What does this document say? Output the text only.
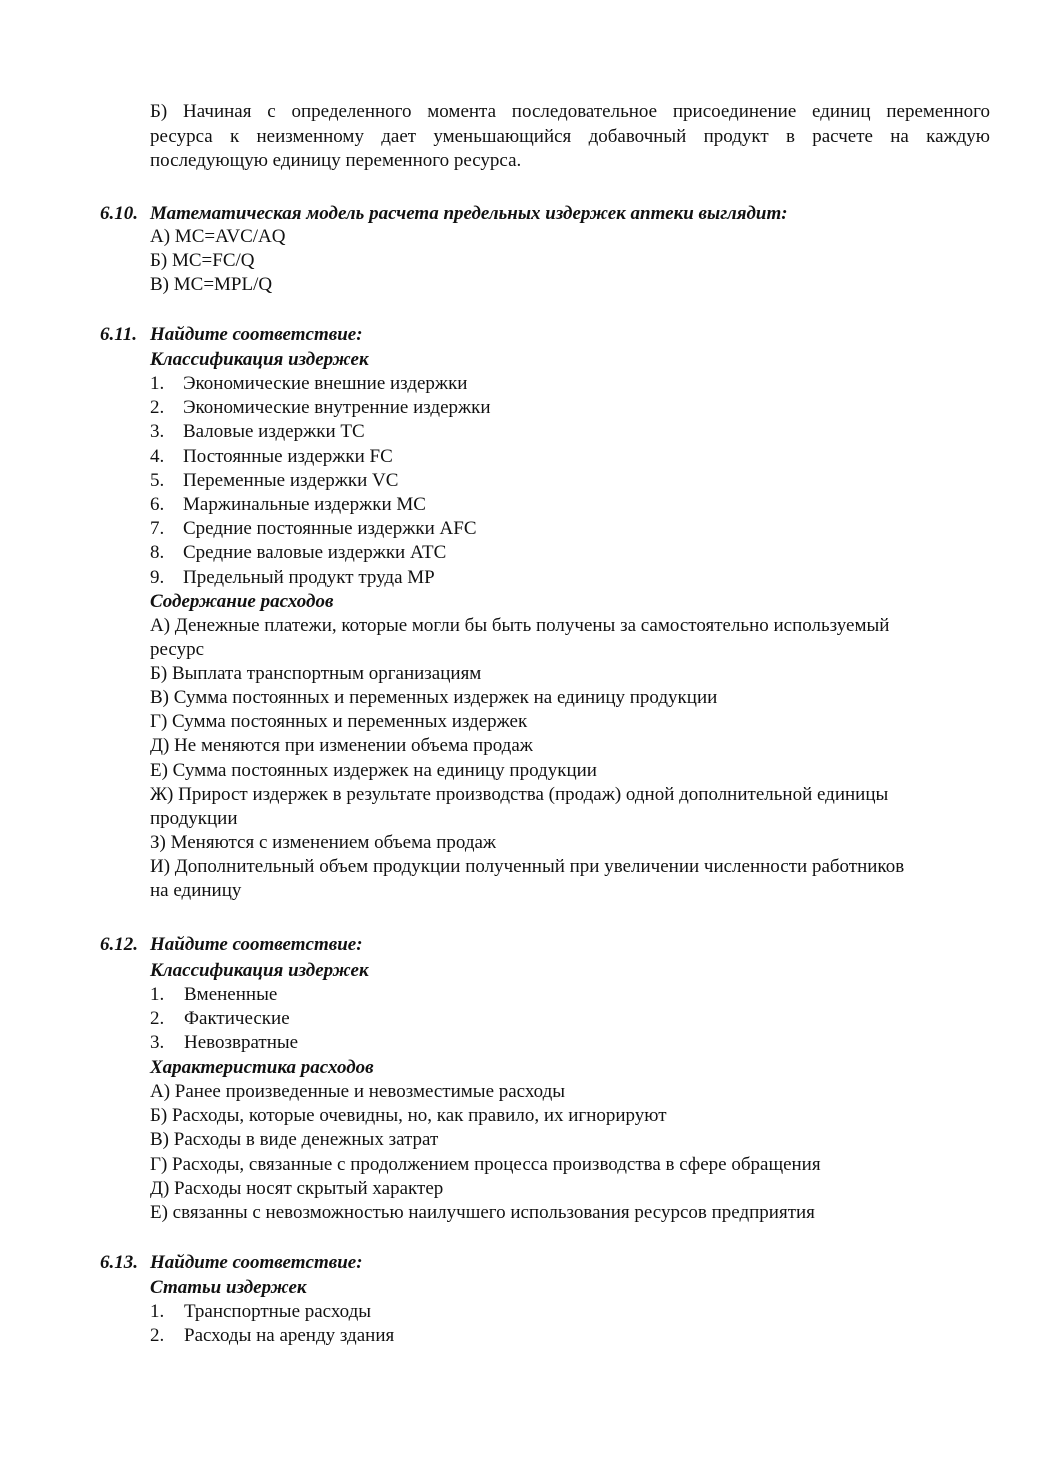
Б) Начиная с определенного момента последовательное присоединение единиц переменного
ресурса к неизменному дает уменьшающийся добавочный продукт в расчете на каждую
последующую единицу переменного ресурса.
6.10. Математическая модель расчета предельных издержек аптеки выглядит:
А) MC=AVC/AQ
Б) MC=FC/Q
В) MC=MPL/Q
6.11. Найдите соответствие:
Классификация издержек
1. Экономические внешние издержки
2. Экономические внутренние издержки
3. Валовые издержки ТС
4. Постоянные издержки FC
5. Переменные издержки VC
6. Маржинальные издержки МС
7. Средние постоянные издержки AFC
8. Средние валовые издержки АТС
9. Предельный продукт труда МР
Содержание расходов
А) Денежные платежи, которые могли бы быть получены за самостоятельно используемый
ресурс
Б) Выплата транспортным организациям
В) Сумма постоянных и переменных издержек на единицу продукции
Г) Сумма постоянных и переменных издержек
Д) Не меняются при изменении объема продаж
Е) Сумма постоянных издержек на единицу продукции
Ж) Прирост издержек в результате производства (продаж) одной дополнительной единицы
продукции
З) Меняются с изменением объема продаж
И) Дополнительный объем продукции полученный при увеличении численности работников
на единицу
6.12. Найдите соответствие:
Классификация издержек
1. Вмененные
2. Фактические
3. Невозвратные
Характеристика расходов
А) Ранее произведенные и невозместимые расходы
Б) Расходы, которые очевидны, но, как правило, их игнорируют
В) Расходы в виде денежных затрат
Г) Расходы, связанные с продолжением процесса производства в сфере обращения
Д) Расходы носят скрытый характер
Е) связанны с невозможностью наилучшего использования ресурсов предприятия
6.13. Найдите соответствие:
Статьи издержек
1. Транспортные расходы
2. Расходы на аренду здания
